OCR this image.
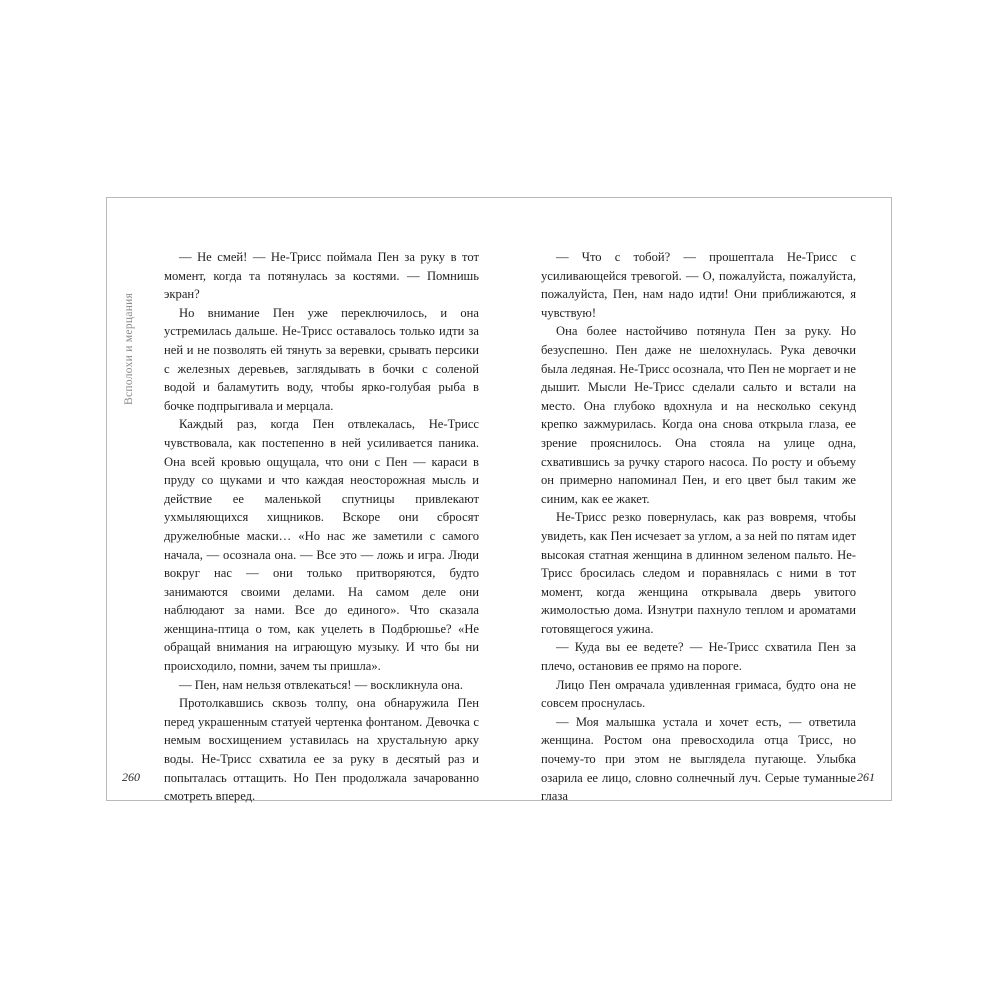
Всполохи и мерцания

— Не смей! — Не-Трисс поймала Пен за руку в тот момент, когда та потянулась за костями. — Помнишь экран?

Но внимание Пен уже переключилось, и она устремилась дальше. Не-Трисс оставалось только идти за ней и не позволять ей тянуть за веревки, срывать персики с железных деревьев, заглядывать в бочки с соленой водой и баламутить воду, чтобы ярко-голубая рыба в бочке подпрыгивала и мерцала.

Каждый раз, когда Пен отвлекалась, Не-Трисс чувствовала, как постепенно в ней усиливается паника. Она всей кровью ощущала, что они с Пен — караси в пруду со щуками и что каждая неосторожная мысль и действие ее маленькой спутницы привлекают ухмыляющихся хищников. Вскоре они сбросят дружелюбные маски… «Но нас же заметили с самого начала, — осознала она. — Все это — ложь и игра. Люди вокруг нас — они только притворяются, будто занимаются своими делами. На самом деле они наблюдают за нами. Все до единого». Что сказала женщина-птица о том, как уцелеть в Подбрюшье? «Не обращай внимания на играющую музыку. И что бы ни происходило, помни, зачем ты пришла».

— Пен, нам нельзя отвлекаться! — воскликнула она.

Протолкавшись сквозь толпу, она обнаружила Пен перед украшенным статуей чертенка фонтаном. Девочка с немым восхищением уставилась на хрустальную арку воды. Не-Трисс схватила ее за руку в десятый раз и попыталась оттащить. Но Пен продолжала зачарованно смотреть вперед.

— Что с тобой? — прошептала Не-Трисс с усиливающейся тревогой. — О, пожалуйста, пожалуйста, пожалуйста, Пен, нам надо идти! Они приближаются, я чувствую!

Она более настойчиво потянула Пен за руку. Но безуспешно. Пен даже не шелохнулась. Рука девочки была ледяная. Не-Трисс осознала, что Пен не моргает и не дышит. Мысли Не-Трисс сделали сальто и встали на место. Она глубоко вдохнула и на несколько секунд крепко зажмурилась. Когда она снова открыла глаза, ее зрение прояснилось. Она стояла на улице одна, схватившись за ручку старого насоса. По росту и объему он примерно напоминал Пен, и его цвет был таким же синим, как ее жакет.

Не-Трисс резко повернулась, как раз вовремя, чтобы увидеть, как Пен исчезает за углом, а за ней по пятам идет высокая статная женщина в длинном зеленом пальто. Не-Трисс бросилась следом и поравнялась с ними в тот момент, когда женщина открывала дверь увитого жимолостью дома. Изнутри пахнуло теплом и ароматами готовящегося ужина.

— Куда вы ее ведете? — Не-Трисс схватила Пен за плечо, остановив ее прямо на пороге.

Лицо Пен омрачала удивленная гримаса, будто она не совсем проснулась.

— Моя малышка устала и хочет есть, — ответила женщина. Ростом она превосходила отца Трисс, но почему-то при этом не выглядела пугающе. Улыбка озарила ее лицо, словно солнечный луч. Серые туманные глаза

260	261
